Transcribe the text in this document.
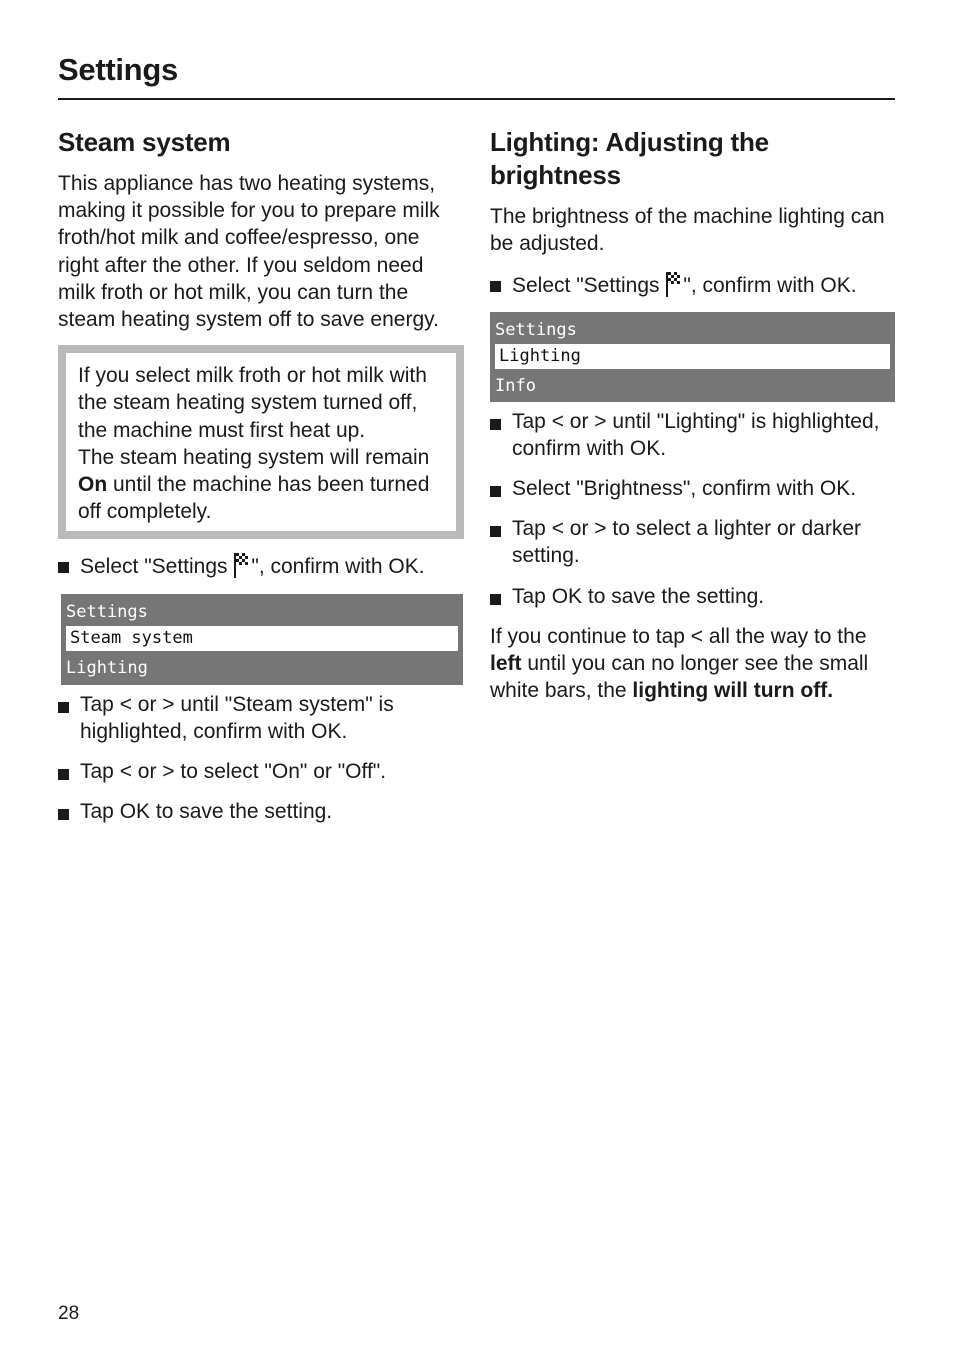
Settings
Steam system

This appliance has two heating systems, making it possible for you to prepare milk froth/hot milk and coffee/espresso, one right after the other. If you seldom need milk froth or hot milk, you can turn the steam heating system off to save energy.

If you select milk froth or hot milk with the steam heating system turned off, the machine must first heat up.
The steam heating system will remain On until the machine has been turned off completely.
Select "Settings ", confirm with OK.
Settings
Steam system
Lighting
Tap < or > until "Steam system" is highlighted, confirm with OK.
Tap < or > to select "On" or "Off".
Tap OK to save the setting.
Lighting: Adjusting the brightness

The brightness of the machine lighting can be adjusted.

Select "Settings ", confirm with OK.
Settings
Lighting
Info
Tap < or > until "Lighting" is highlighted, confirm with OK.
Select "Brightness", confirm with OK.
Tap < or > to select a lighter or darker setting.
Tap OK to save the setting.

If you continue to tap < all the way to the left until you can no longer see the small white bars, the lighting will turn off.

28
